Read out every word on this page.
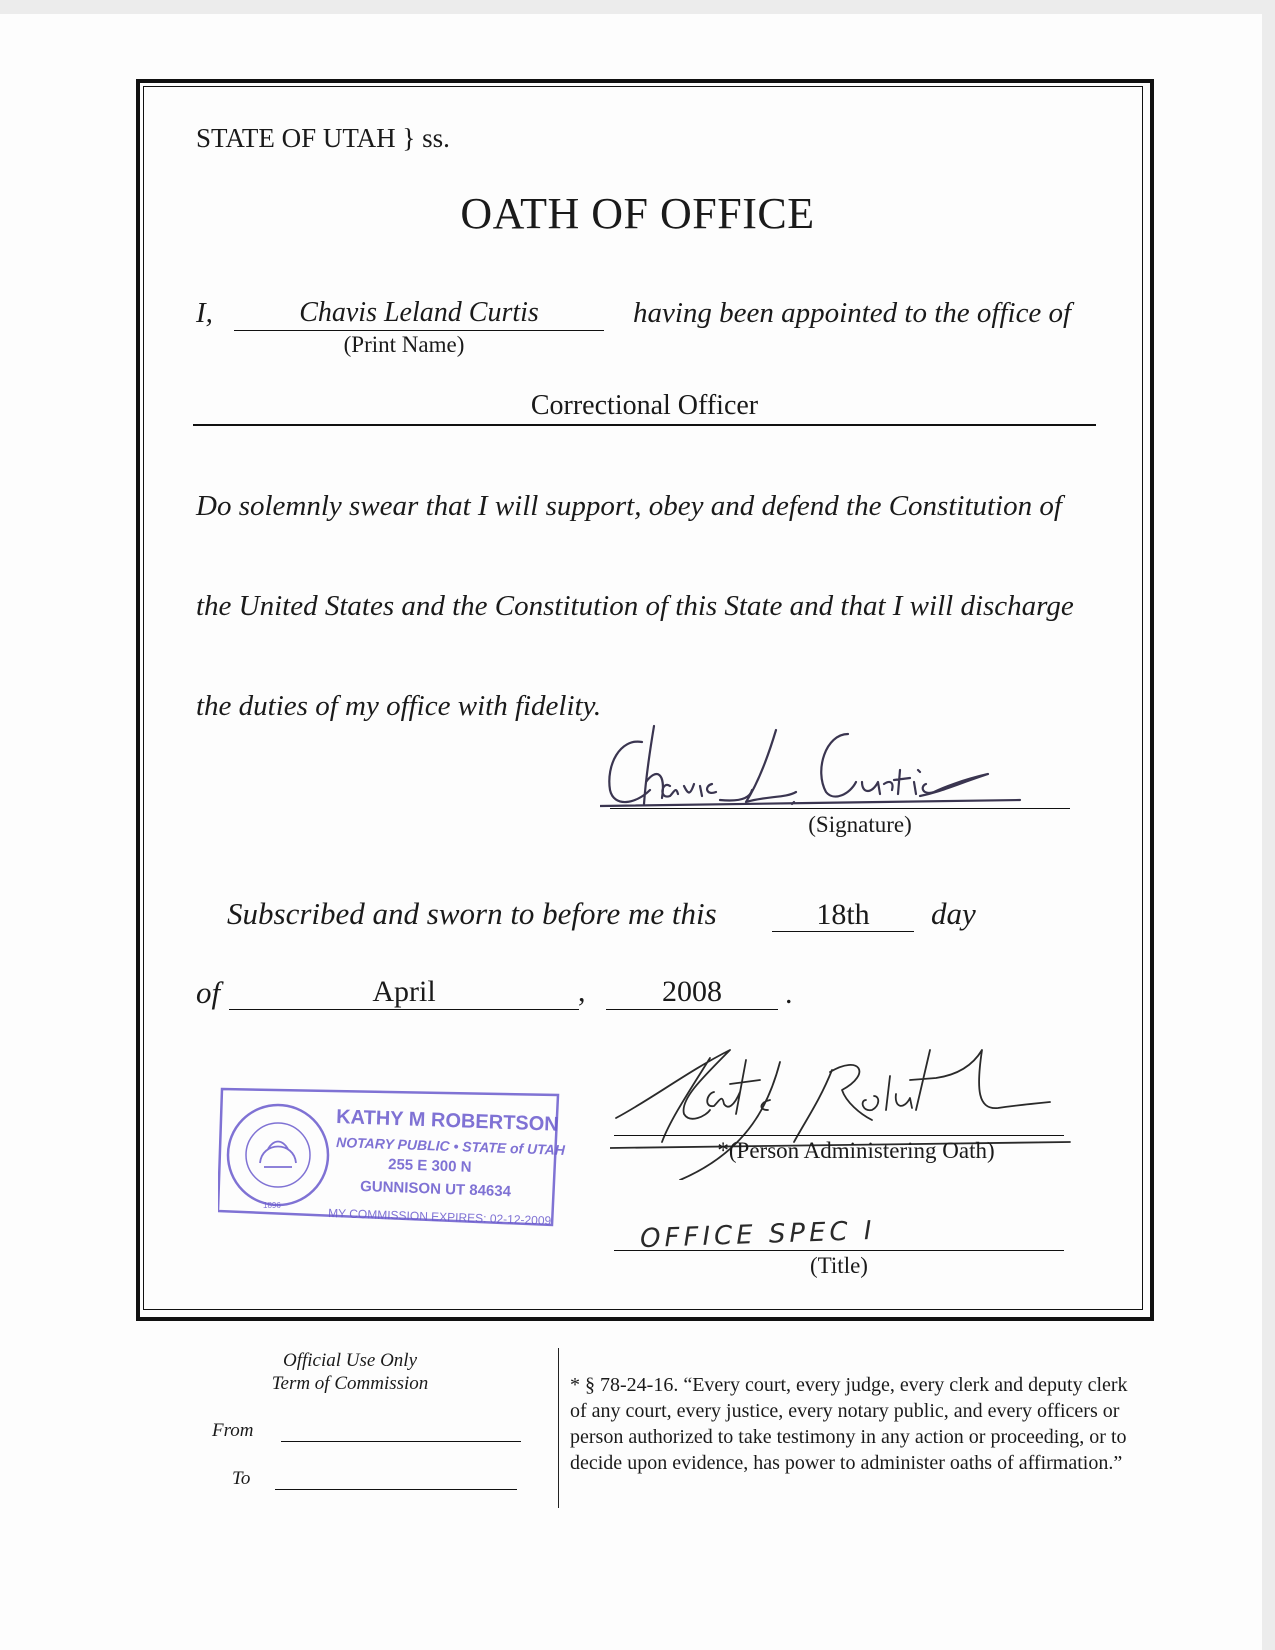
STATE OF UTAH } ss.
OATH OF OFFICE
I,	Chavis Leland Curtis
(Print Name)
having been appointed to the office of
Correctional Officer
Do solemnly swear that I will support, obey and defend the Constitution of
the United States and the Constitution of this State and that I will discharge
the duties of my office with fidelity.
(Signature)
Subscribed and sworn to before me this	18th	day
of	April	,	2008	.
*(Person Administering Oath)
OFFICE SPEC I
(Title)
KATHY M ROBERTSON
NOTARY PUBLIC • STATE of UTAH
255 E 300 N
GUNNISON UT 84634
MY COMMISSION EXPIRES: 02-12-2009
1896
Official Use Only
Term of Commission
From
To
* § 78-24-16. “Every court, every judge, every clerk and deputy clerk of any court, every justice, every notary public, and every officers or person authorized to take testimony in any action or proceeding, or to decide upon evidence, has power to administer oaths of affirmation.”
